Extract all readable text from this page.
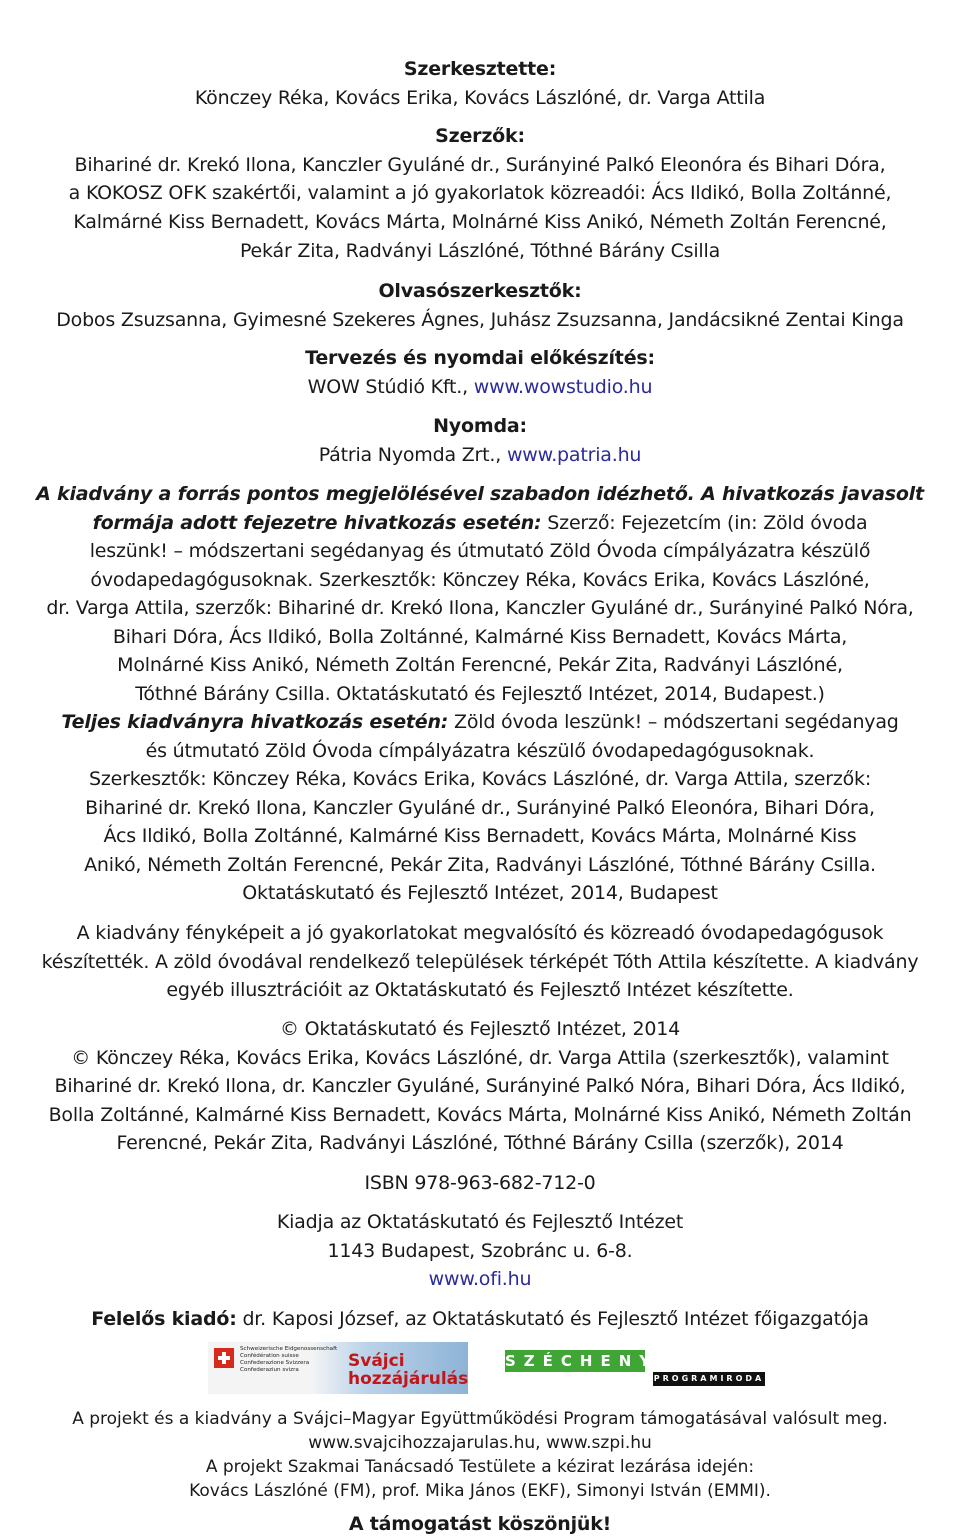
Szerkesztette:
Könczey Réka, Kovács Erika, Kovács Lászlóné, dr. Varga Attila
Szerzők:
Bihariné dr. Krekó Ilona, Kanczler Gyuláné dr., Surányiné Palkó Eleonóra és Bihari Dóra,
a KOKOSZ OFK szakértői, valamint a jó gyakorlatok közreadói: Ács Ildikó, Bolla Zoltánné,
Kalmárné Kiss Bernadett, Kovács Márta, Molnárné Kiss Anikó, Németh Zoltán Ferencné,
Pekár Zita, Radványi Lászlóné, Tóthné Bárány Csilla
Olvasószerkesztők:
Dobos Zsuzsanna, Gyimesné Szekeres Ágnes, Juhász Zsuzsanna, Jandácsikné Zentai Kinga
Tervezés és nyomdai előkészítés:
WOW Stúdió Kft., www.wowstudio.hu
Nyomda:
Pátria Nyomda Zrt., www.patria.hu
A kiadvány a forrás pontos megjelölésével szabadon idézhető. A hivatkozás javasolt
formája adott fejezetre hivatkozás esetén: Szerző: Fejezetcím (in: Zöld óvoda
leszünk! – módszertani segédanyag és útmutató Zöld Óvoda címpályázatra készülő
óvodapedagógusoknak. Szerkesztők: Könczey Réka, Kovács Erika, Kovács Lászlóné,
dr. Varga Attila, szerzők: Bihariné dr. Krekó Ilona, Kanczler Gyuláné dr., Surányiné Palkó Nóra,
Bihari Dóra, Ács Ildikó, Bolla Zoltánné, Kalmárné Kiss Bernadett, Kovács Márta,
Molnárné Kiss Anikó, Németh Zoltán Ferencné, Pekár Zita, Radványi Lászlóné,
Tóthné Bárány Csilla. Oktatáskutató és Fejlesztő Intézet, 2014, Budapest.)
Teljes kiadványra hivatkozás esetén: Zöld óvoda leszünk! – módszertani segédanyag
és útmutató Zöld Óvoda címpályázatra készülő óvodapedagógusoknak.
Szerkesztők: Könczey Réka, Kovács Erika, Kovács Lászlóné, dr. Varga Attila, szerzők:
Bihariné dr. Krekó Ilona, Kanczler Gyuláné dr., Surányiné Palkó Eleonóra, Bihari Dóra,
Ács Ildikó, Bolla Zoltánné, Kalmárné Kiss Bernadett, Kovács Márta, Molnárné Kiss
Anikó, Németh Zoltán Ferencné, Pekár Zita, Radványi Lászlóné, Tóthné Bárány Csilla.
Oktatáskutató és Fejlesztő Intézet, 2014, Budapest
A kiadvány fényképeit a jó gyakorlatokat megvalósító és közreadó óvodapedagógusok
készítették. A zöld óvodával rendelkező települések térképét Tóth Attila készítette. A kiadvány
egyéb illusztrációit az Oktatáskutató és Fejlesztő Intézet készítette.
© Oktatáskutató és Fejlesztő Intézet, 2014
© Könczey Réka, Kovács Erika, Kovács Lászlóné, dr. Varga Attila (szerkesztők), valamint
Bihariné dr. Krekó Ilona, dr. Kanczler Gyuláné, Surányiné Palkó Nóra, Bihari Dóra, Ács Ildikó,
Bolla Zoltánné, Kalmárné Kiss Bernadett, Kovács Márta, Molnárné Kiss Anikó, Németh Zoltán
Ferencné, Pekár Zita, Radványi Lászlóné, Tóthné Bárány Csilla (szerzők), 2014
ISBN 978-963-682-712-0
Kiadja az Oktatáskutató és Fejlesztő Intézet
1143 Budapest, Szobránc u. 6-8.
www.ofi.hu
Felelős kiadó: dr. Kaposi József, az Oktatáskutató és Fejlesztő Intézet főigazgatója
Schweizerische Eidgenossenschaft
Confédération suisse
Confederazione Svizzera
Confederaziun svizra	Svájci
hozzájárulás
SZÉCHENYI
PROGRAMIRODA
A projekt és a kiadvány a Svájci–Magyar Együttműködési Program támogatásával valósult meg.
www.svajcihozzajarulas.hu, www.szpi.hu
A projekt Szakmai Tanácsadó Testülete a kézirat lezárása idején:
Kovács Lászlóné (FM), prof. Mika János (EKF), Simonyi István (EMMI).
A támogatást köszönjük!
